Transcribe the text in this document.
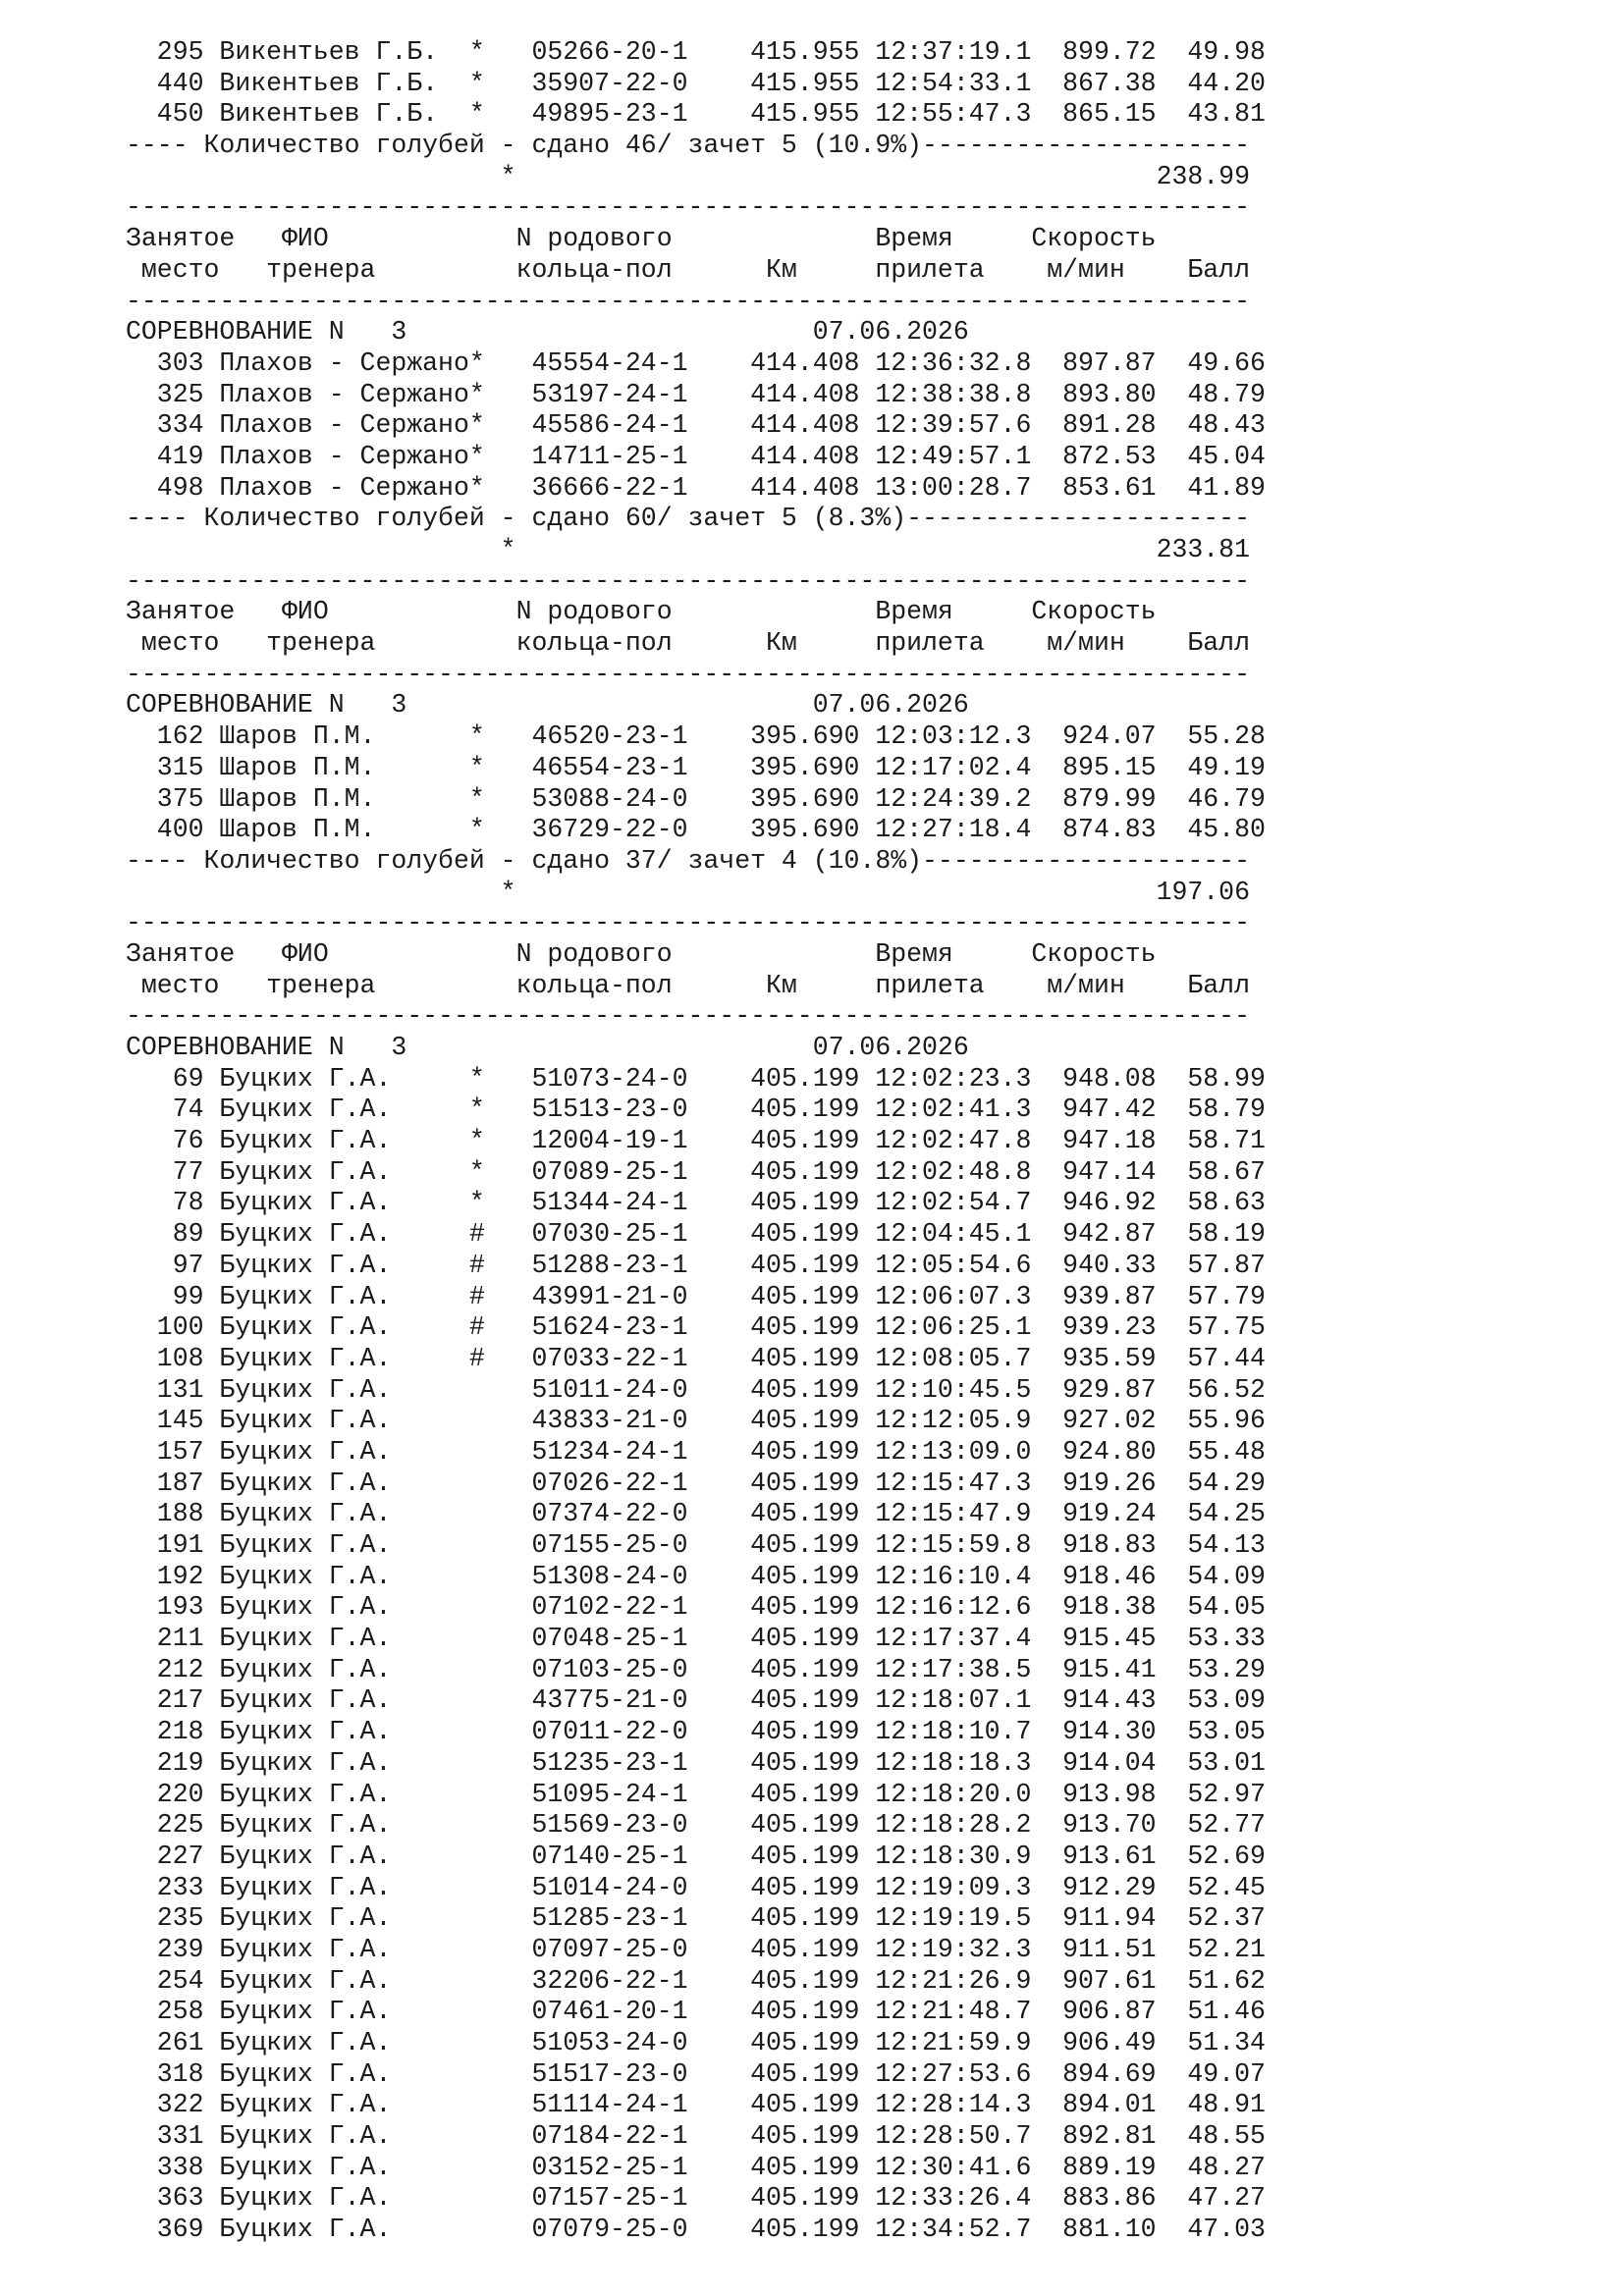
295 Викентьев Г.Б.  *   05266-20-1    415.955 12:37:19.1  899.72  49.98
440 Викентьев Г.Б.  *   35907-22-0    415.955 12:54:33.1  867.38  44.20
450 Викентьев Г.Б.  *   49895-23-1    415.955 12:55:47.3  865.15  43.81
---- Количество голубей - сдано 46/ зачет 5 (10.9%)---------------------
*                                         238.99
------------------------------------------------------------------------
Занятое   ФИО            N родового             Время     Скорость
место   тренера         кольца-пол      Км     прилета    м/мин    Балл
------------------------------------------------------------------------
СОРЕВНОВАНИЕ N   3                          07.06.2026
303 Плахов - Сержано*   45554-24-1    414.408 12:36:32.8  897.87  49.66
325 Плахов - Сержано*   53197-24-1    414.408 12:38:38.8  893.80  48.79
334 Плахов - Сержано*   45586-24-1    414.408 12:39:57.6  891.28  48.43
419 Плахов - Сержано*   14711-25-1    414.408 12:49:57.1  872.53  45.04
498 Плахов - Сержано*   36666-22-1    414.408 13:00:28.7  853.61  41.89
---- Количество голубей - сдано 60/ зачет 5 (8.3%)----------------------
*                                         233.81
------------------------------------------------------------------------
Занятое   ФИО            N родового             Время     Скорость
место   тренера         кольца-пол      Км     прилета    м/мин    Балл
------------------------------------------------------------------------
СОРЕВНОВАНИЕ N   3                          07.06.2026
162 Шаров П.М.      *   46520-23-1    395.690 12:03:12.3  924.07  55.28
315 Шаров П.М.      *   46554-23-1    395.690 12:17:02.4  895.15  49.19
375 Шаров П.М.      *   53088-24-0    395.690 12:24:39.2  879.99  46.79
400 Шаров П.М.      *   36729-22-0    395.690 12:27:18.4  874.83  45.80
---- Количество голубей - сдано 37/ зачет 4 (10.8%)---------------------
*                                         197.06
------------------------------------------------------------------------
Занятое   ФИО            N родового             Время     Скорость
место   тренера         кольца-пол      Км     прилета    м/мин    Балл
------------------------------------------------------------------------
СОРЕВНОВАНИЕ N   3                          07.06.2026
69 Буцких Г.А.     *   51073-24-0    405.199 12:02:23.3  948.08  58.99
74 Буцких Г.А.     *   51513-23-0    405.199 12:02:41.3  947.42  58.79
76 Буцких Г.А.     *   12004-19-1    405.199 12:02:47.8  947.18  58.71
77 Буцких Г.А.     *   07089-25-1    405.199 12:02:48.8  947.14  58.67
78 Буцких Г.А.     *   51344-24-1    405.199 12:02:54.7  946.92  58.63
89 Буцких Г.А.     #   07030-25-1    405.199 12:04:45.1  942.87  58.19
97 Буцких Г.А.     #   51288-23-1    405.199 12:05:54.6  940.33  57.87
99 Буцких Г.А.     #   43991-21-0    405.199 12:06:07.3  939.87  57.79
100 Буцких Г.А.     #   51624-23-1    405.199 12:06:25.1  939.23  57.75
108 Буцких Г.А.     #   07033-22-1    405.199 12:08:05.7  935.59  57.44
131 Буцких Г.А.         51011-24-0    405.199 12:10:45.5  929.87  56.52
145 Буцких Г.А.         43833-21-0    405.199 12:12:05.9  927.02  55.96
157 Буцких Г.А.         51234-24-1    405.199 12:13:09.0  924.80  55.48
187 Буцких Г.А.         07026-22-1    405.199 12:15:47.3  919.26  54.29
188 Буцких Г.А.         07374-22-0    405.199 12:15:47.9  919.24  54.25
191 Буцких Г.А.         07155-25-0    405.199 12:15:59.8  918.83  54.13
192 Буцких Г.А.         51308-24-0    405.199 12:16:10.4  918.46  54.09
193 Буцких Г.А.         07102-22-1    405.199 12:16:12.6  918.38  54.05
211 Буцких Г.А.         07048-25-1    405.199 12:17:37.4  915.45  53.33
212 Буцких Г.А.         07103-25-0    405.199 12:17:38.5  915.41  53.29
217 Буцких Г.А.         43775-21-0    405.199 12:18:07.1  914.43  53.09
218 Буцких Г.А.         07011-22-0    405.199 12:18:10.7  914.30  53.05
219 Буцких Г.А.         51235-23-1    405.199 12:18:18.3  914.04  53.01
220 Буцких Г.А.         51095-24-1    405.199 12:18:20.0  913.98  52.97
225 Буцких Г.А.         51569-23-0    405.199 12:18:28.2  913.70  52.77
227 Буцких Г.А.         07140-25-1    405.199 12:18:30.9  913.61  52.69
233 Буцких Г.А.         51014-24-0    405.199 12:19:09.3  912.29  52.45
235 Буцких Г.А.         51285-23-1    405.199 12:19:19.5  911.94  52.37
239 Буцких Г.А.         07097-25-0    405.199 12:19:32.3  911.51  52.21
254 Буцких Г.А.         32206-22-1    405.199 12:21:26.9  907.61  51.62
258 Буцких Г.А.         07461-20-1    405.199 12:21:48.7  906.87  51.46
261 Буцких Г.А.         51053-24-0    405.199 12:21:59.9  906.49  51.34
318 Буцких Г.А.         51517-23-0    405.199 12:27:53.6  894.69  49.07
322 Буцких Г.А.         51114-24-1    405.199 12:28:14.3  894.01  48.91
331 Буцких Г.А.         07184-22-1    405.199 12:28:50.7  892.81  48.55
338 Буцких Г.А.         03152-25-1    405.199 12:30:41.6  889.19  48.27
363 Буцких Г.А.         07157-25-1    405.199 12:33:26.4  883.86  47.27
369 Буцких Г.А.         07079-25-0    405.199 12:34:52.7  881.10  47.03
